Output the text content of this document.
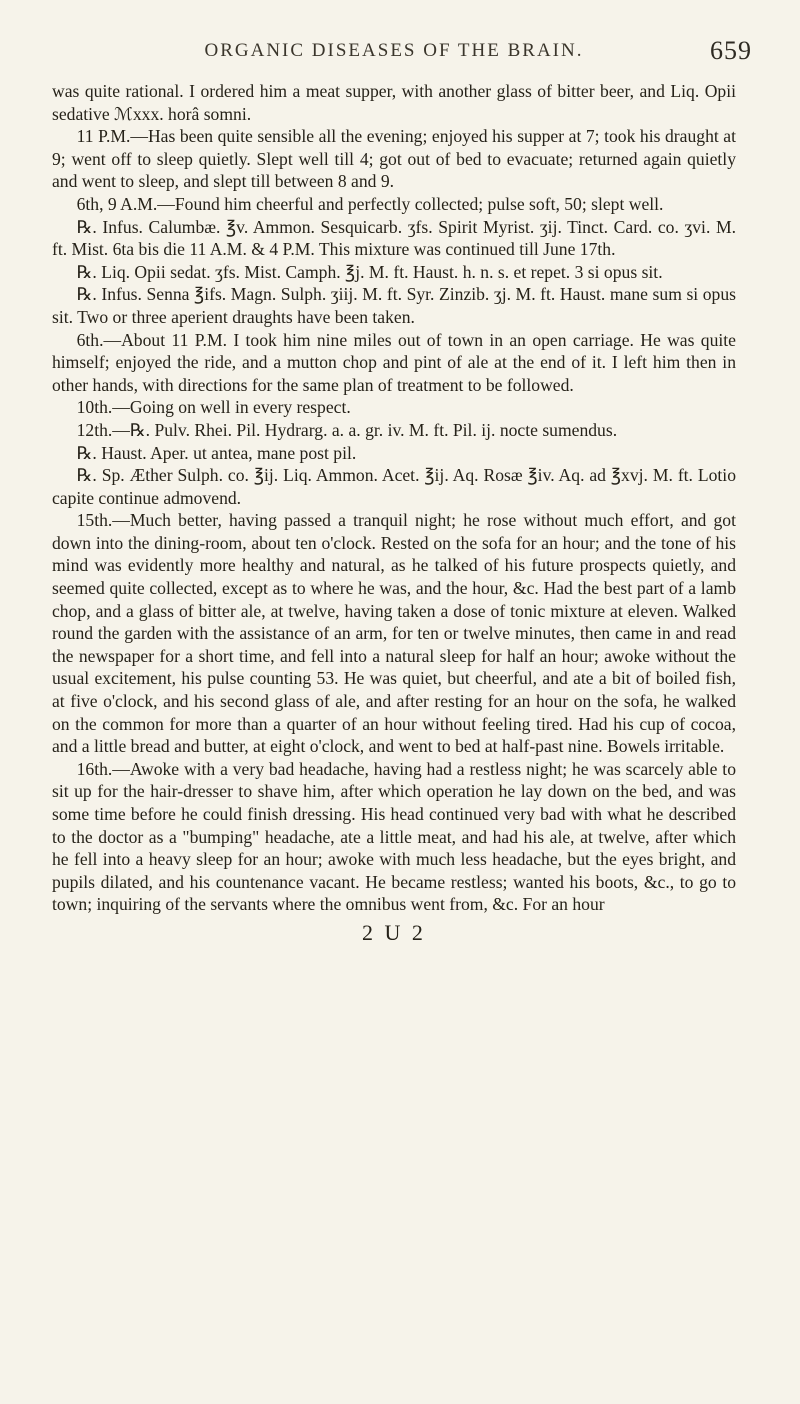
ORGANIC DISEASES OF THE BRAIN.	659

was quite rational. I ordered him a meat supper, with another glass of bitter beer, and Liq. Opii sedative ℳxxx. horâ somni.

11 P.M.—Has been quite sensible all the evening; enjoyed his supper at 7; took his draught at 9; went off to sleep quietly. Slept well till 4; got out of bed to evacuate; returned again quietly and went to sleep, and slept till between 8 and 9.

6th, 9 A.M.—Found him cheerful and perfectly collected; pulse soft, 50; slept well.

℞. Infus. Calumbæ. ℥v. Ammon. Sesquicarb. ʒfs. Spirit Myrist. ʒij. Tinct. Card. co. ʒvi. M. ft. Mist. 6ta bis die 11 A.M. & 4 P.M. This mixture was continued till June 17th.

℞. Liq. Opii sedat. ʒfs. Mist. Camph. ℥j. M. ft. Haust. h. n. s. et repet. 3 si opus sit.

℞. Infus. Senna ℥ifs. Magn. Sulph. ʒiij. M. ft. Syr. Zinzib. ʒj. M. ft. Haust. mane sum si opus sit. Two or three aperient draughts have been taken.

6th.—About 11 P.M. I took him nine miles out of town in an open carriage. He was quite himself; enjoyed the ride, and a mutton chop and pint of ale at the end of it. I left him then in other hands, with directions for the same plan of treatment to be followed.

10th.—Going on well in every respect.

12th.—℞. Pulv. Rhei. Pil. Hydrarg. a. a. gr. iv. M. ft. Pil. ij. nocte sumendus.

℞. Haust. Aper. ut antea, mane post pil.

℞. Sp. Æther Sulph. co. ℥ij. Liq. Ammon. Acet. ℥ij. Aq. Rosæ ℥iv. Aq. ad ℥xvj. M. ft. Lotio capite continue admovend.

15th.—Much better, having passed a tranquil night; he rose without much effort, and got down into the dining-room, about ten o'clock. Rested on the sofa for an hour; and the tone of his mind was evidently more healthy and natural, as he talked of his future prospects quietly, and seemed quite collected, except as to where he was, and the hour, &c. Had the best part of a lamb chop, and a glass of bitter ale, at twelve, having taken a dose of tonic mixture at eleven. Walked round the garden with the assistance of an arm, for ten or twelve minutes, then came in and read the newspaper for a short time, and fell into a natural sleep for half an hour; awoke without the usual excitement, his pulse counting 53. He was quiet, but cheerful, and ate a bit of boiled fish, at five o'clock, and his second glass of ale, and after resting for an hour on the sofa, he walked on the common for more than a quarter of an hour without feeling tired. Had his cup of cocoa, and a little bread and butter, at eight o'clock, and went to bed at half-past nine. Bowels irritable.

16th.—Awoke with a very bad headache, having had a restless night; he was scarcely able to sit up for the hair-dresser to shave him, after which operation he lay down on the bed, and was some time before he could finish dressing. His head continued very bad with what he described to the doctor as a "bumping" headache, ate a little meat, and had his ale, at twelve, after which he fell into a heavy sleep for an hour; awoke with much less headache, but the eyes bright, and pupils dilated, and his countenance vacant. He became restless; wanted his boots, &c., to go to town; inquiring of the servants where the omnibus went from, &c. For an hour

2 U 2
